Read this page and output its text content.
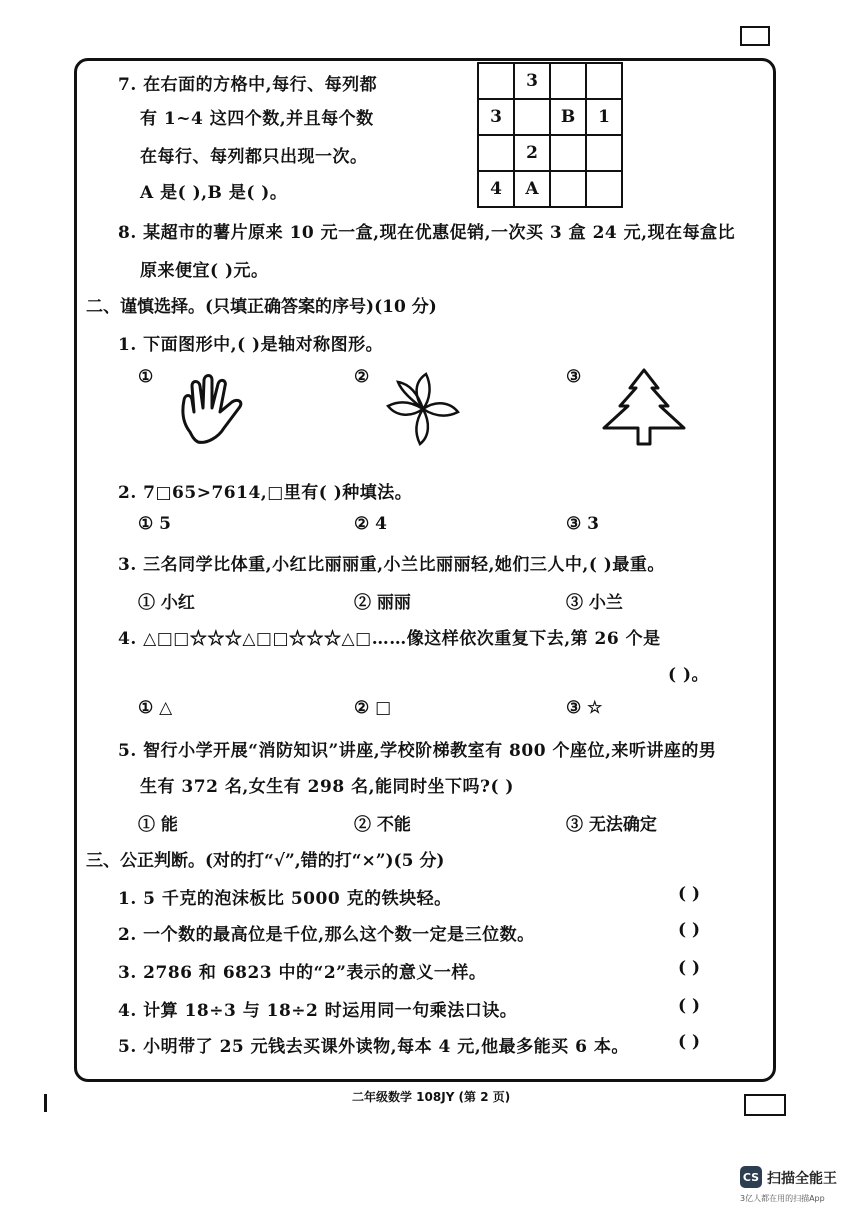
7. 在右面的方格中,每行、每列都
有 1~4 这四个数,并且每个数
在每行、每列都只出现一次。
A 是( ),B 是( )。
	3		
3		B	1
	2		
4	A		
8. 某超市的薯片原来 10 元一盒,现在优惠促销,一次买 3 盒 24 元,现在每盒比
原来便宜( )元。
二、谨慎选择。(只填正确答案的序号)(10 分)
1. 下面图形中,( )是轴对称图形。
①	②	③
2. 7□65>7614,□里有( )种填法。
① 5	② 4	③ 3
3. 三名同学比体重,小红比丽丽重,小兰比丽丽轻,她们三人中,( )最重。
① 小红	② 丽丽	③ 小兰
4. △□□☆☆☆△□□☆☆☆△□……像这样依次重复下去,第 26 个是
( )。
① △	② □	③ ☆
5. 智行小学开展“消防知识”讲座,学校阶梯教室有 800 个座位,来听讲座的男
生有 372 名,女生有 298 名,能同时坐下吗?( )
① 能	② 不能	③ 无法确定
三、公正判断。(对的打“√”,错的打“×”)(5 分)
1. 5 千克的泡沫板比 5000 克的铁块轻。	( )
2. 一个数的最高位是千位,那么这个数一定是三位数。	( )
3. 2786 和 6823 中的“2”表示的意义一样。	( )
4. 计算 18÷3 与 18÷2 时运用同一句乘法口诀。	( )
5. 小明带了 25 元钱去买课外读物,每本 4 元,他最多能买 6 本。	( )
二年级数学 108JY (第 2 页)
CS 扫描全能王
3亿人都在用的扫描App
